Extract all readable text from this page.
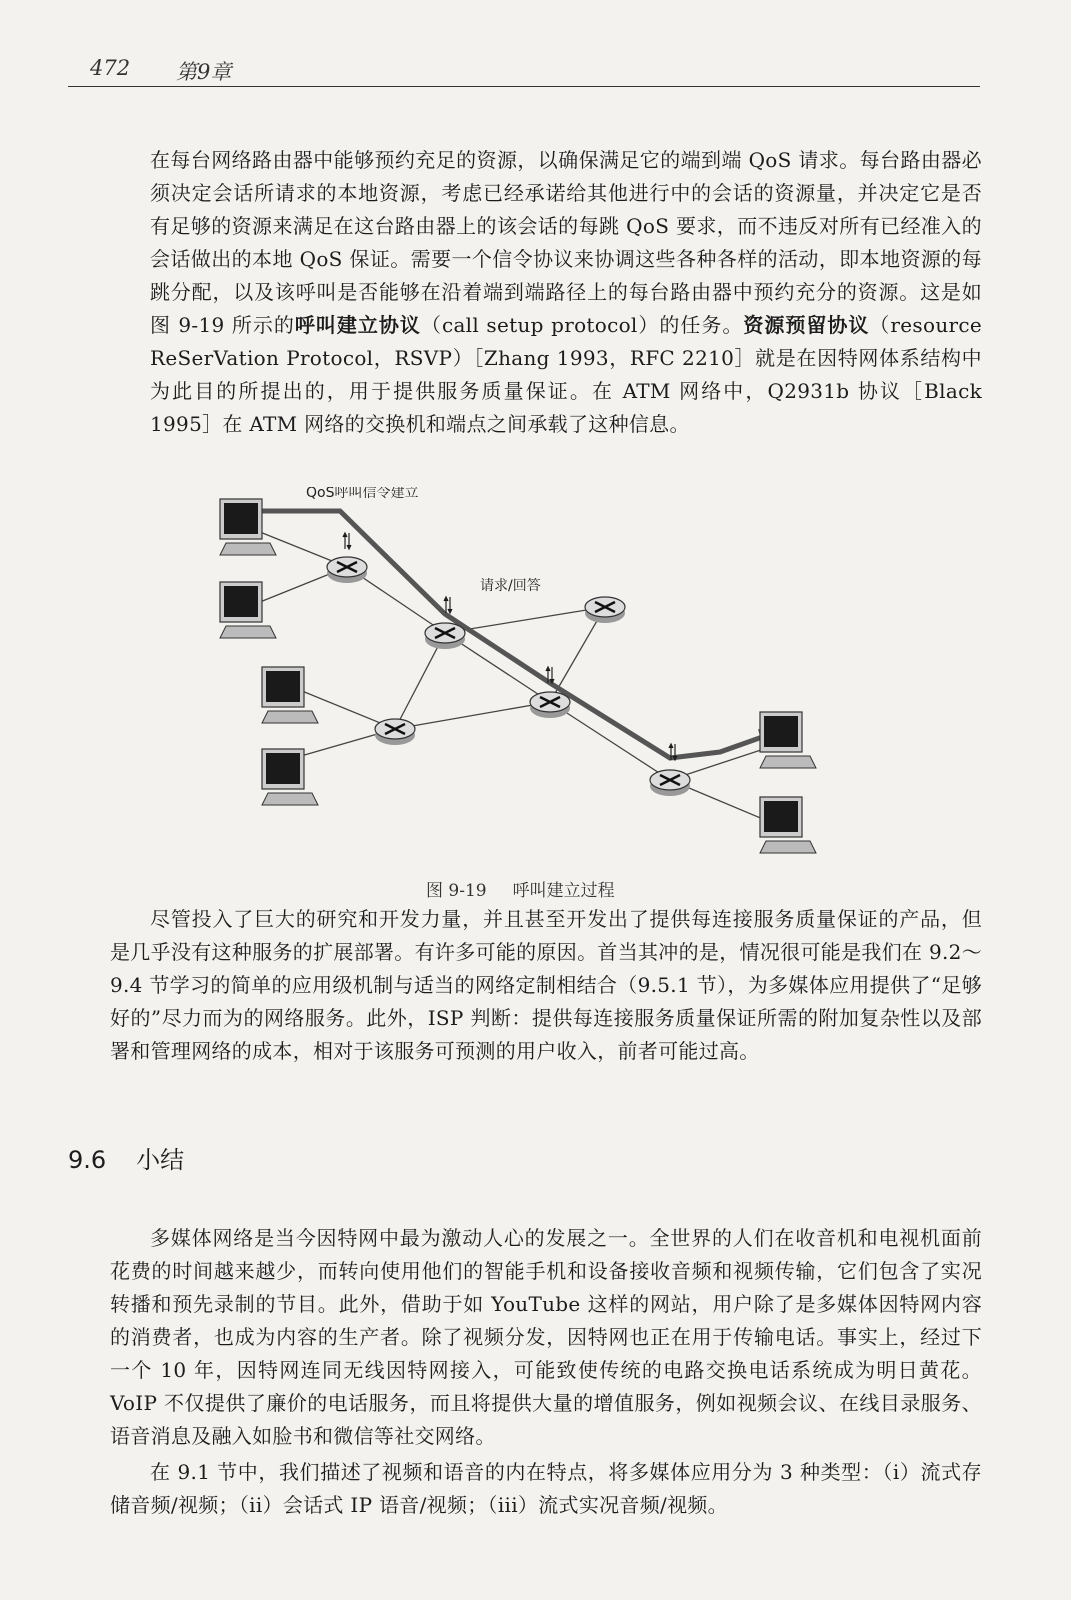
472 第9章
在每台网络路由器中能够预约充足的资源，以确保满足它的端到端 QoS 请求。每台路由器必须决定会话所请求的本地资源，考虑已经承诺给其他进行中的会话的资源量，并决定它是否有足够的资源来满足在这台路由器上的该会话的每跳 QoS 要求，而不违反对所有已经准入的会话做出的本地 QoS 保证。需要一个信令协议来协调这些各种各样的活动，即本地资源的每跳分配，以及该呼叫是否能够在沿着端到端路径上的每台路由器中预约充分的资源。这是如图 9-19 所示的呼叫建立协议（call setup protocol）的任务。资源预留协议（resource ReSerVation Protocol，RSVP）［Zhang 1993，RFC 2210］就是在因特网体系结构中为此目的所提出的，用于提供服务质量保证。在 ATM 网络中，Q2931b 协议［Black 1995］在 ATM 网络的交换机和端点之间承载了这种信息。
QoS呼叫信令建立
请求/回答
图 9-19 呼叫建立过程
尽管投入了巨大的研究和开发力量，并且甚至开发出了提供每连接服务质量保证的产品，但是几乎没有这种服务的扩展部署。有许多可能的原因。首当其冲的是，情况很可能是我们在 9.2～9.4 节学习的简单的应用级机制与适当的网络定制相结合（9.5.1 节），为多媒体应用提供了“足够好的”尽力而为的网络服务。此外，ISP 判断：提供每连接服务质量保证所需的附加复杂性以及部署和管理网络的成本，相对于该服务可预测的用户收入，前者可能过高。
9.6 小结
多媒体网络是当今因特网中最为激动人心的发展之一。全世界的人们在收音机和电视机面前花费的时间越来越少，而转向使用他们的智能手机和设备接收音频和视频传输，它们包含了实况转播和预先录制的节目。此外，借助于如 YouTube 这样的网站，用户除了是多媒体因特网内容的消费者，也成为内容的生产者。除了视频分发，因特网也正在用于传输电话。事实上，经过下一个 10 年，因特网连同无线因特网接入，可能致使传统的电路交换电话系统成为明日黄花。VoIP 不仅提供了廉价的电话服务，而且将提供大量的增值服务，例如视频会议、在线目录服务、语音消息及融入如脸书和微信等社交网络。
在 9.1 节中，我们描述了视频和语音的内在特点，将多媒体应用分为 3 种类型：（i）流式存储音频/视频；（ii）会话式 IP 语音/视频；（iii）流式实况音频/视频。
